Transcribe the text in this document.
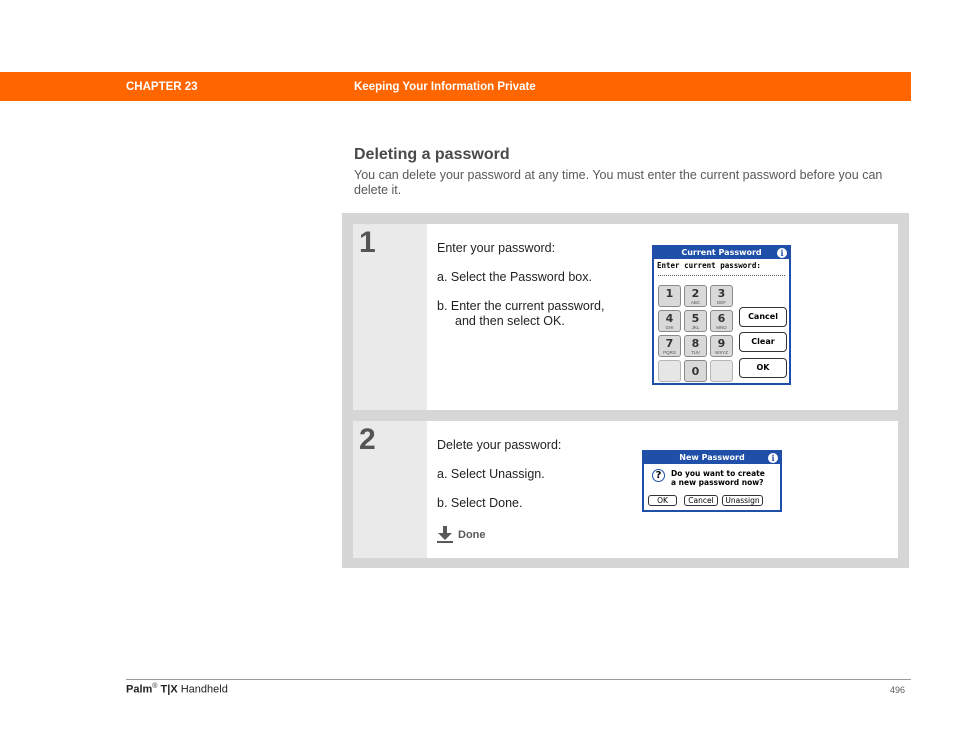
CHAPTER 23	Keeping Your Information Private
Deleting a password
You can delete your password at any time. You must enter the current password before you can delete it.
1	Enter your password:
a. Select the Password box.
b. Enter the current password,
and then select OK.
Current Password	i
Enter current password:
1	2
ABC
3
DEF
4
GHI
5
JKL
6
MNO
7
PQRS
8
TUV
9
WXYZ
0
Cancel
Clear
OK
2	Delete your password:
a. Select Unassign.
b. Select Done.
Done
New Password	i
?	Do you want to create
a new password now?
OK	Cancel	Unassign
Palm® T|X Handheld	496
